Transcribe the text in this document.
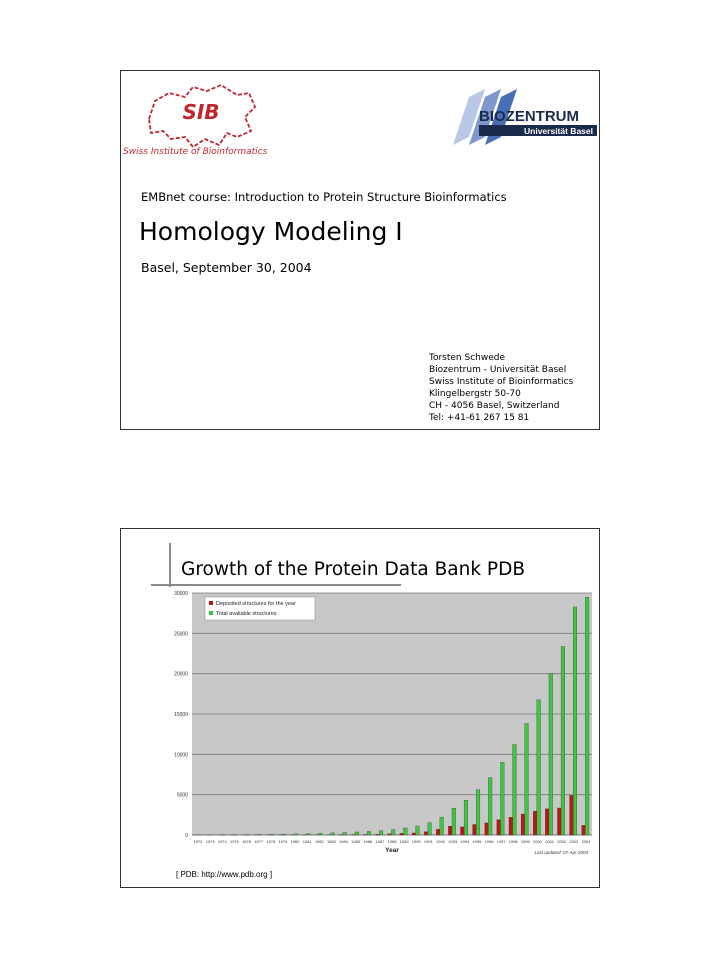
SIB
Swiss Institute of Bioinformatics
BIOZENTRUM
Universität Basel
EMBnet course: Introduction to Protein Structure Bioinformatics
Homology Modeling I
Basel, September 30, 2004
Torsten Schwede
Biozentrum - Universität Basel
Swiss Institute of Bioinformatics
Klingelbergstr 50-70
CH - 4056 Basel, Switzerland
Tel: +41-61 267 15 81
Growth of the Protein Data Bank PDB
0
5000
10000
15000
20000
25000
30000
1972 1973 1974 1975 1976 1977 1978 1979 1980 1981 1982 1983 1984 1985 1986 1987 1988 1989 1990 1991 1992 1993 1994 1995 1996 1997 1998 1999 2000 2001 2002 2003 2004
Year	Last updated: 07-Apr-2004
Deposited structures for the year
Total available structures
[ PDB: http://www.pdb.org ]
